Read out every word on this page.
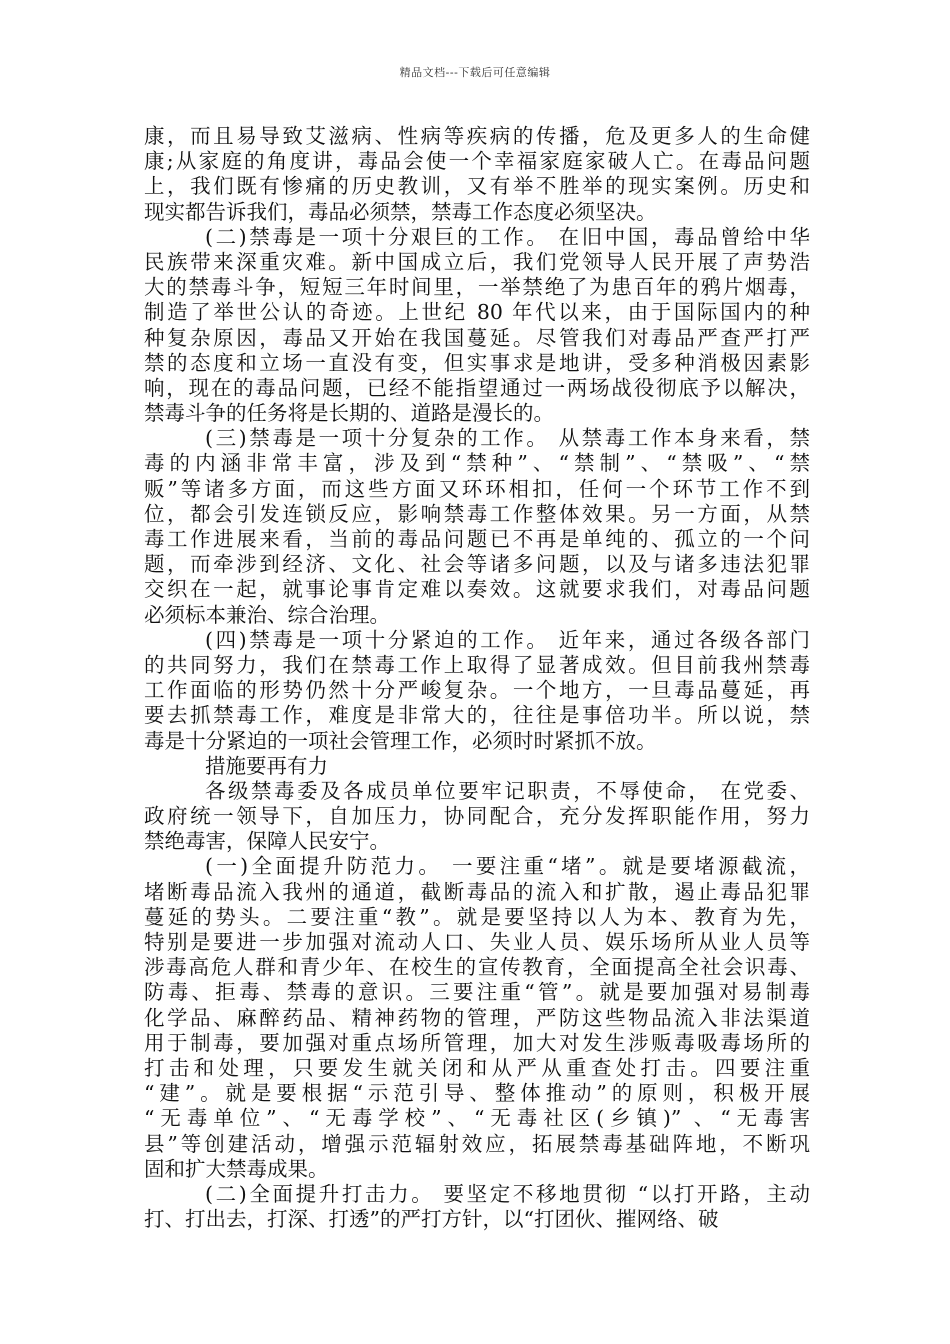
精品文档---下载后可任意编辑
康，而且易导致艾滋病、性病等疾病的传播，危及更多人的生命健
康;从家庭的角度讲，毒品会使一个幸福家庭家破人亡。在毒品问题
上，我们既有惨痛的历史教训，又有举不胜举的现实案例。历史和
现实都告诉我们，毒品必须禁，禁毒工作态度必须坚决。
(二)禁毒是一项十分艰巨的工作。 在旧中国，毒品曾给中华
民族带来深重灾难。新中国成立后，我们党领导人民开展了声势浩
大的禁毒斗争，短短三年时间里，一举禁绝了为患百年的鸦片烟毒，
制造了举世公认的奇迹。上世纪 80 年代以来，由于国际国内的种
种复杂原因，毒品又开始在我国蔓延。尽管我们对毒品严查严打严
禁的态度和立场一直没有变，但实事求是地讲，受多种消极因素影
响，现在的毒品问题，已经不能指望通过一两场战役彻底予以解决，
禁毒斗争的任务将是长期的、道路是漫长的。
(三)禁毒是一项十分复杂的工作。 从禁毒工作本身来看，禁
毒的内涵非常丰富，涉及到“禁种”、“禁制”、“禁吸”、“禁
贩”等诸多方面，而这些方面又环环相扣，任何一个环节工作不到
位，都会引发连锁反应，影响禁毒工作整体效果。另一方面，从禁
毒工作进展来看，当前的毒品问题已不再是单纯的、孤立的一个问
题，而牵涉到经济、文化、社会等诸多问题，以及与诸多违法犯罪
交织在一起，就事论事肯定难以奏效。这就要求我们，对毒品问题
必须标本兼治、综合治理。
(四)禁毒是一项十分紧迫的工作。 近年来，通过各级各部门
的共同努力，我们在禁毒工作上取得了显著成效。但目前我州禁毒
工作面临的形势仍然十分严峻复杂。一个地方，一旦毒品蔓延，再
要去抓禁毒工作，难度是非常大的，往往是事倍功半。所以说，禁
毒是十分紧迫的一项社会管理工作，必须时时紧抓不放。
措施要再有力
各级禁毒委及各成员单位要牢记职责，不辱使命， 在党委、
政府统一领导下，自加压力，协同配合，充分发挥职能作用，努力
禁绝毒害，保障人民安宁。
(一)全面提升防范力。 一要注重“堵”。就是要堵源截流，
堵断毒品流入我州的通道，截断毒品的流入和扩散，遏止毒品犯罪
蔓延的势头。二要注重“教”。就是要坚持以人为本、教育为先，
特别是要进一步加强对流动人口、失业人员、娱乐场所从业人员等
涉毒高危人群和青少年、在校生的宣传教育，全面提高全社会识毒、
防毒、拒毒、禁毒的意识。三要注重“管”。就是要加强对易制毒
化学品、麻醉药品、精神药物的管理，严防这些物品流入非法渠道
用于制毒，要加强对重点场所管理，加大对发生涉贩毒吸毒场所的
打击和处理，只要发生就关闭和从严从重查处打击。四要注重
“建”。就是要根据“示范引导、整体推动”的原则，积极开展
“无毒单位”、“无毒学校”、“无毒社区(乡镇)” 、“无毒害
县”等创建活动，增强示范辐射效应，拓展禁毒基础阵地，不断巩
固和扩大禁毒成果。
(二)全面提升打击力。 要坚定不移地贯彻 “以打开路，主动
打、打出去，打深、打透”的严打方针，以“打团伙、摧网络、破
